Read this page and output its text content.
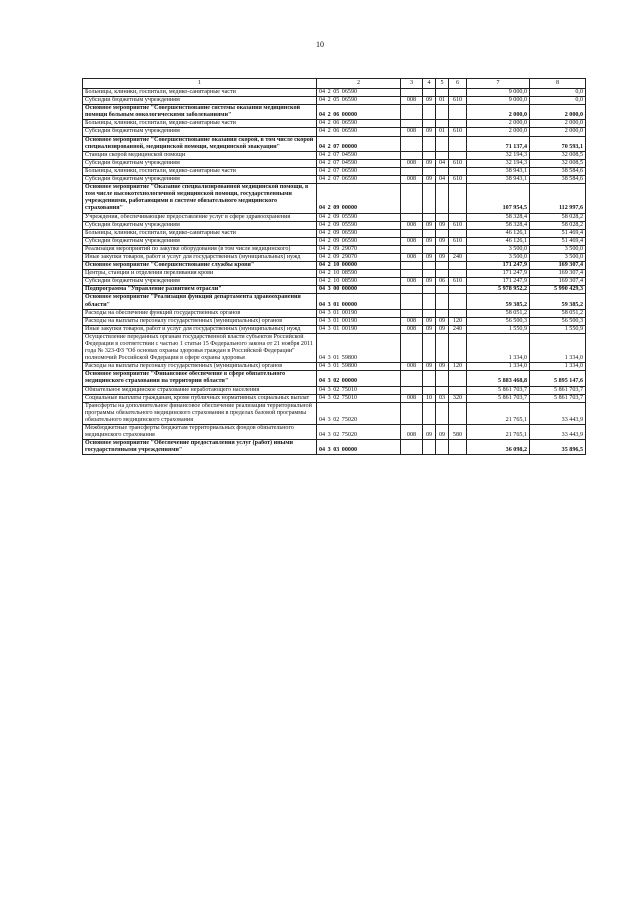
10
1	2	3	4	5	6	7	8
Больницы, клиники, госпитали, медико-санитарные части	04 2 05 06590					9 000,0	0,0
Субсидии бюджетным учреждениям	04 2 05 06590	008	09	01	610	9 000,0	0,0
Основное мероприятие "Совершенствование системы оказания медицинской помощи больным онкологическими заболеваниями"	04 2 06 00000					2 000,0	2 000,0
Больницы, клиники, госпитали, медико-санитарные части	04 2 06 06590					2 000,0	2 000,0
Субсидии бюджетным учреждениям	04 2 06 06590	008	09	01	610	2 000,0	2 000,0
Основное мероприятие "Совершенствование оказания скорой, в том числе скорой специализированной, медицинской помощи, медицинской эвакуации"	04 2 07 00000					71 137,4	70 593,1
Станции скорой медицинской помощи	04 2 07 04590					32 194,3	32 008,5
Субсидии бюджетным учреждениям	04 2 07 04590	008	09	04	610	32 194,3	32 008,5
Больницы, клиники, госпитали, медико-санитарные части	04 2 07 06590					38 943,1	38 584,6
Субсидии бюджетным учреждениям	04 2 07 06590	008	09	04	610	38 943,1	38 584,6
Основное мероприятие "Оказание специализированной медицинской помощи, в том числе высокотехнологичной медицинской помощи, государственными учреждениями, работающими в системе обязательного медицинского страхования"	04 2 09 00000					107 954,5	112 997,6
Учреждения, обеспечивающие предоставление услуг в сфере здравоохранения	04 2 09 05590					58 328,4	58 028,2
Субсидии бюджетным учреждениям	04 2 09 05590	008	09	09	610	58 328,4	58 028,2
Больницы, клиники, госпитали, медико-санитарные части	04 2 09 06590					46 126,1	51 469,4
Субсидии бюджетным учреждениям	04 2 09 06590	008	09	09	610	46 126,1	51 469,4
Реализация мероприятий по закупке оборудования (в том числе медицинского)	04 2 09 29070					3 500,0	3 500,0
Иные закупки товаров, работ и услуг для государственных (муниципальных) нужд	04 2 09 29070	008	09	09	240	3 500,0	3 500,0
Основное мероприятие "Совершенствование службы крови"	04 2 10 00000					171 247,9	169 307,4
Центры, станции и отделения переливания крови	04 2 10 08590					171 247,9	169 307,4
Субсидии бюджетным учреждениям	04 2 10 08590	008	09	06	610	171 247,9	169 307,4
Подпрограмма "Управление развитием отрасли"	04 3 00 00000					5 978 952,2	5 990 429,3
Основное мероприятие "Реализация функций департамента здравоохранения области"	04 3 01 00000					59 385,2	59 385,2
Расходы на обеспечение функций государственных органов	04 3 01 00190					58 051,2	58 051,2
Расходы на выплаты персоналу государственных (муниципальных) органов	04 3 01 00190	008	09	09	120	56 500,3	56 500,3
Иные закупки товаров, работ и услуг для государственных (муниципальных) нужд	04 3 01 00190	008	09	09	240	1 550,9	1 550,9
Осуществление переданных органам государственной власти субъектов Российской Федерации в соответствии с частью 1 статьи 15 Федерального закона от 21 ноября 2011 года № 323-ФЗ "Об основах охраны здоровья граждан в Российской Федерации" полномочий Российской Федерации в сфере охраны здоровья	04 3 01 59800					1 334,0	1 334,0
Расходы на выплаты персоналу государственных (муниципальных) органов	04 3 01 59800	008	09	09	120	1 334,0	1 334,0
Основное мероприятие "Финансовое обеспечение в сфере обязательного медицинского страхования на территории области"	04 3 02 00000					5 883 468,8	5 895 147,6
Обязательное медицинское страхование неработающего населения	04 3 02 75010					5 861 703,7	5 861 703,7
Социальные выплаты гражданам, кроме публичных нормативных социальных выплат	04 3 02 75010	008	10	03	320	5 861 703,7	5 861 703,7
Трансферты на дополнительное финансовое обеспечение реализации территориальной программы обязательного медицинского страхования в пределах базовой программы обязательного медицинского страхования	04 3 02 75020					21 765,1	33 443,9
Межбюджетные трансферты бюджетам территориальных фондов обязательного медицинского страхования	04 3 02 75020	008	09	09	580	21 765,1	33 443,9
Основное мероприятие "Обеспечение предоставления услуг (работ) иными государственными учреждениями"	04 3 03 00000					36 098,2	35 896,5
